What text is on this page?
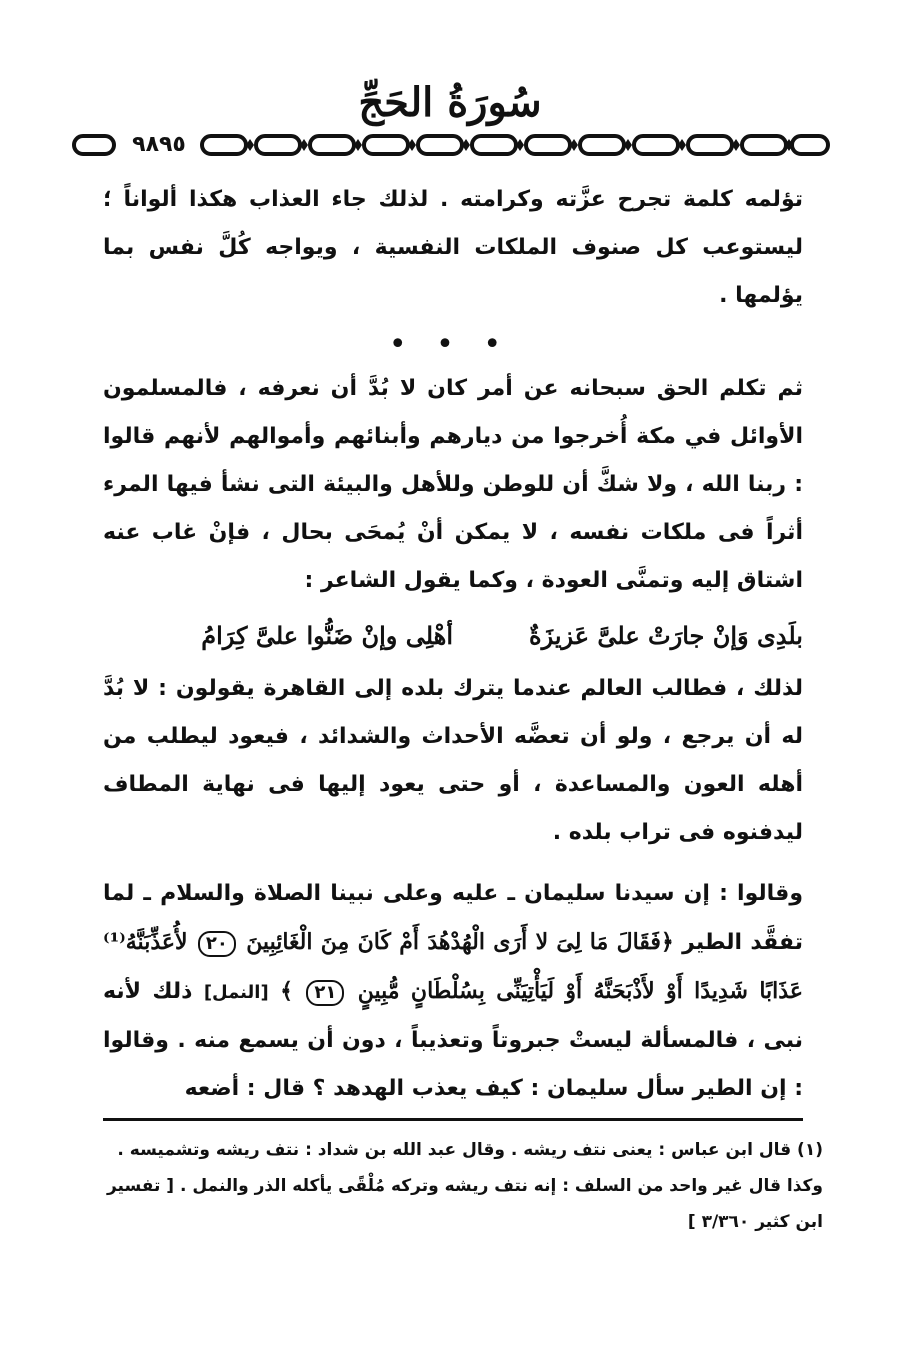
سُورَةُ الحَجِّ
٩٨٩٥

تؤلمه كلمة تجرح عزَّته وكرامته . لذلك جاء العذاب هكذا ألواناً ؛ ليستوعب كل صنوف الملكات النفسية ، ويواجه كُلَّ نفس بما يؤلمها .

• • •

ثم تكلم الحق سبحانه عن أمر كان لا بُدَّ أن نعرفه ، فالمسلمون الأوائل في مكة أُخرجوا من ديارهم وأبنائهم وأموالهم لأنهم قالوا : ربنا الله ، ولا شكَّ أن للوطن وللأهل والبيئة التى نشأ فيها المرء أثراً فى ملكات نفسه ، لا يمكن أنْ يُمحَى بحال ، فإنْ غاب عنه اشتاق إليه وتمنَّى العودة ، وكما يقول الشاعر :

بلَدِى وَإنْ جارَتْ علىَّ عَزيزَةٌ
أهْلِى وإنْ ضَنُّوا علىَّ كِرَامُ

لذلك ، فطالب العالم عندما يترك بلده إلى القاهرة يقولون : لا بُدَّ له أن يرجع ، ولو أن تعضَّه الأحداث والشدائد ، فيعود ليطلب من أهله العون والمساعدة ، أو حتى يعود إليها فى نهاية المطاف ليدفنوه فى تراب بلده .

وقالوا : إن سيدنا سليمان ـ عليه وعلى نبينا الصلاة والسلام ـ لما تفقَّد الطير ﴿فَقَالَ مَا لِىَ لا أَرَى الْهُدْهُدَ أَمْ كَانَ مِنَ الْغَائِبِينَ ٢٠ لأُعَذِّبَنَّهُ⁽¹⁾ عَذَابًا شَدِيدًا أَوْ لأَذْبَحَنَّهُ أَوْ لَيَأْتِيَنِّى بِسُلْطَانٍ مُّبِينٍ ٢١ ﴾ [النمل] ذلك لأنه نبى ، فالمسألة ليستْ جبروتاً وتعذيباً ، دون أن يسمع منه . وقالوا : إن الطير سأل سليمان : كيف يعذب الهدهد ؟ قال : أضعه

(١) قال ابن عباس : يعنى نتف ريشه . وقال عبد الله بن شداد : نتف ريشه وتشميسه . وكذا قال غير واحد من السلف : إنه نتف ريشه وتركه مُلْقًى يأكله الذر والنمل . [ تفسير ابن كثير ٣/٣٦٠ ]
